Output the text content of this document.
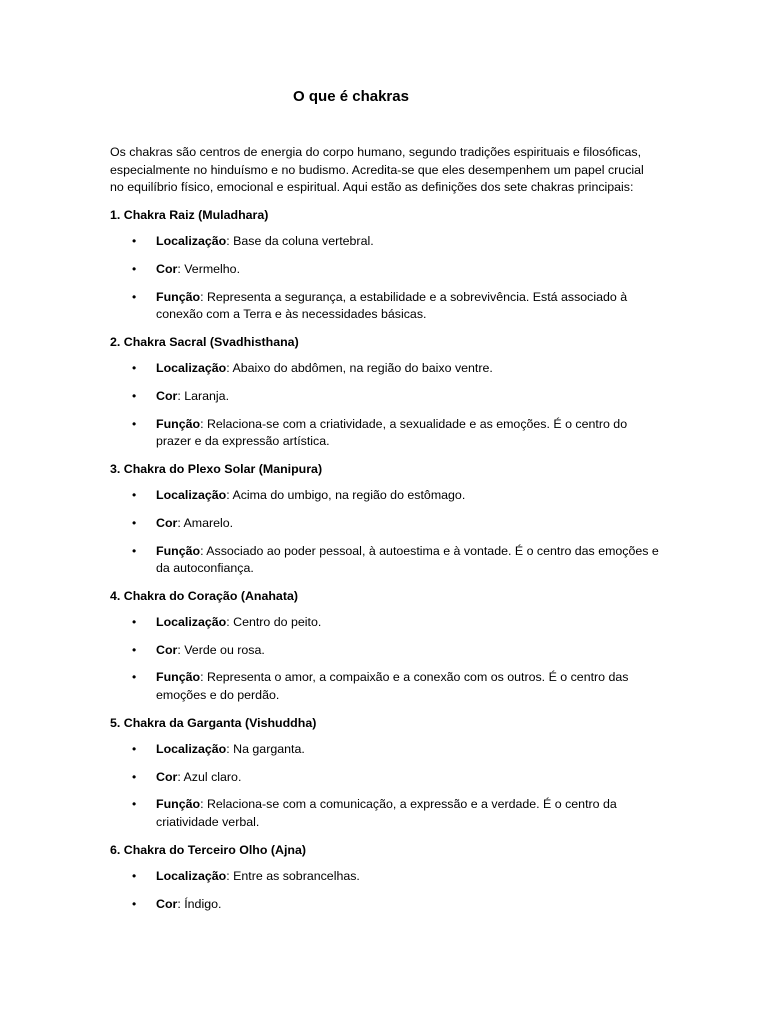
O que é chakras

Os chakras são centros de energia do corpo humano, segundo tradições espirituais e filosóficas, especialmente no hinduísmo e no budismo. Acredita-se que eles desempenhem um papel crucial no equilíbrio físico, emocional e espiritual. Aqui estão as definições dos sete chakras principais:

1. Chakra Raiz (Muladhara)

• Localização: Base da coluna vertebral.
• Cor: Vermelho.
• Função: Representa a segurança, a estabilidade e a sobrevivência. Está associado à conexão com a Terra e às necessidades básicas.

2. Chakra Sacral (Svadhisthana)

• Localização: Abaixo do abdômen, na região do baixo ventre.
• Cor: Laranja.
• Função: Relaciona-se com a criatividade, a sexualidade e as emoções. É o centro do prazer e da expressão artística.

3. Chakra do Plexo Solar (Manipura)

• Localização: Acima do umbigo, na região do estômago.
• Cor: Amarelo.
• Função: Associado ao poder pessoal, à autoestima e à vontade. É o centro das emoções e da autoconfiança.

4. Chakra do Coração (Anahata)

• Localização: Centro do peito.
• Cor: Verde ou rosa.
• Função: Representa o amor, a compaixão e a conexão com os outros. É o centro das emoções e do perdão.

5. Chakra da Garganta (Vishuddha)

• Localização: Na garganta.
• Cor: Azul claro.
• Função: Relaciona-se com a comunicação, a expressão e a verdade. É o centro da criatividade verbal.

6. Chakra do Terceiro Olho (Ajna)

• Localização: Entre as sobrancelhas.
• Cor: Índigo.
